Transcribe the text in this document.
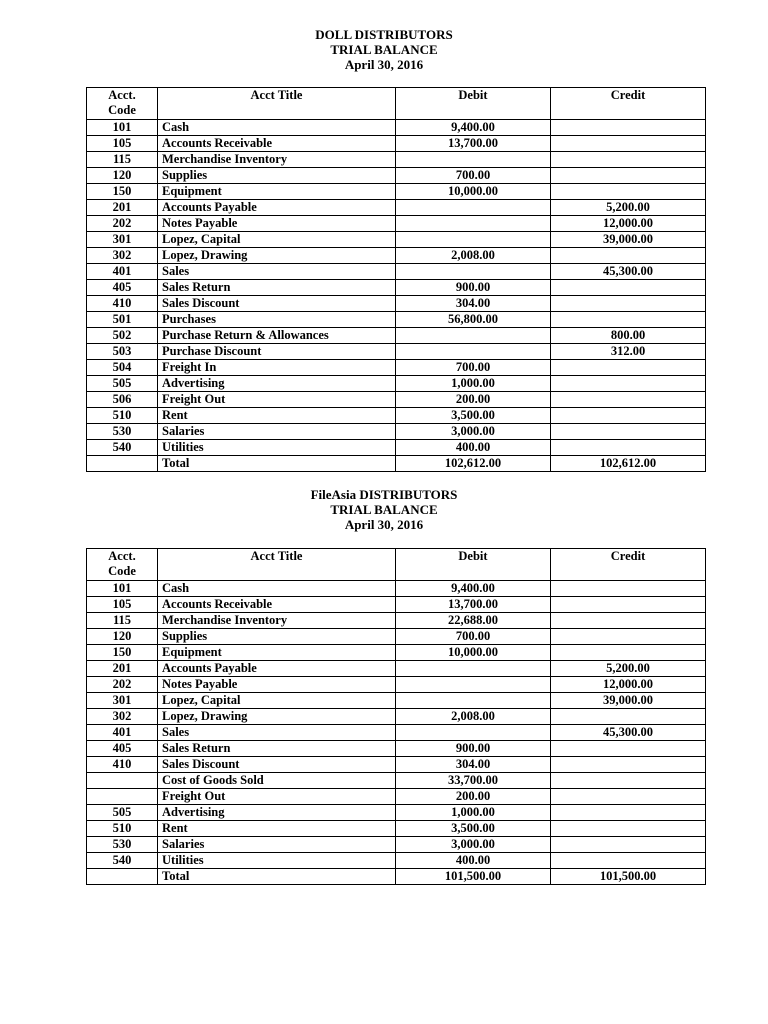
DOLL DISTRIBUTORS
TRIAL BALANCE
April 30, 2016
Acct.
Code	Acct Title	Debit	Credit
101	Cash	9,400.00	
105	Accounts Receivable	13,700.00	
115	Merchandise Inventory		
120	Supplies	700.00	
150	Equipment	10,000.00	
201	Accounts Payable		5,200.00
202	Notes Payable		12,000.00
301	Lopez, Capital		39,000.00
302	Lopez, Drawing	2,008.00	
401	Sales		45,300.00
405	Sales Return	900.00	
410	Sales Discount	304.00	
501	Purchases	56,800.00	
502	Purchase Return & Allowances		800.00
503	Purchase Discount		312.00
504	Freight In	700.00	
505	Advertising	1,000.00	
506	Freight Out	200.00	
510	Rent	3,500.00	
530	Salaries	3,000.00	
540	Utilities	400.00	
	Total	102,612.00	102,612.00
FileAsia DISTRIBUTORS
TRIAL BALANCE
April 30, 2016
Acct.
Code	Acct Title	Debit	Credit
101	Cash	9,400.00	
105	Accounts Receivable	13,700.00	
115	Merchandise Inventory	22,688.00	
120	Supplies	700.00	
150	Equipment	10,000.00	
201	Accounts Payable		5,200.00
202	Notes Payable		12,000.00
301	Lopez, Capital		39,000.00
302	Lopez, Drawing	2,008.00	
401	Sales		45,300.00
405	Sales Return	900.00	
410	Sales Discount	304.00	
	Cost of Goods Sold	33,700.00	
	Freight Out	200.00	
505	Advertising	1,000.00	
510	Rent	3,500.00	
530	Salaries	3,000.00	
540	Utilities	400.00	
	Total	101,500.00	101,500.00
